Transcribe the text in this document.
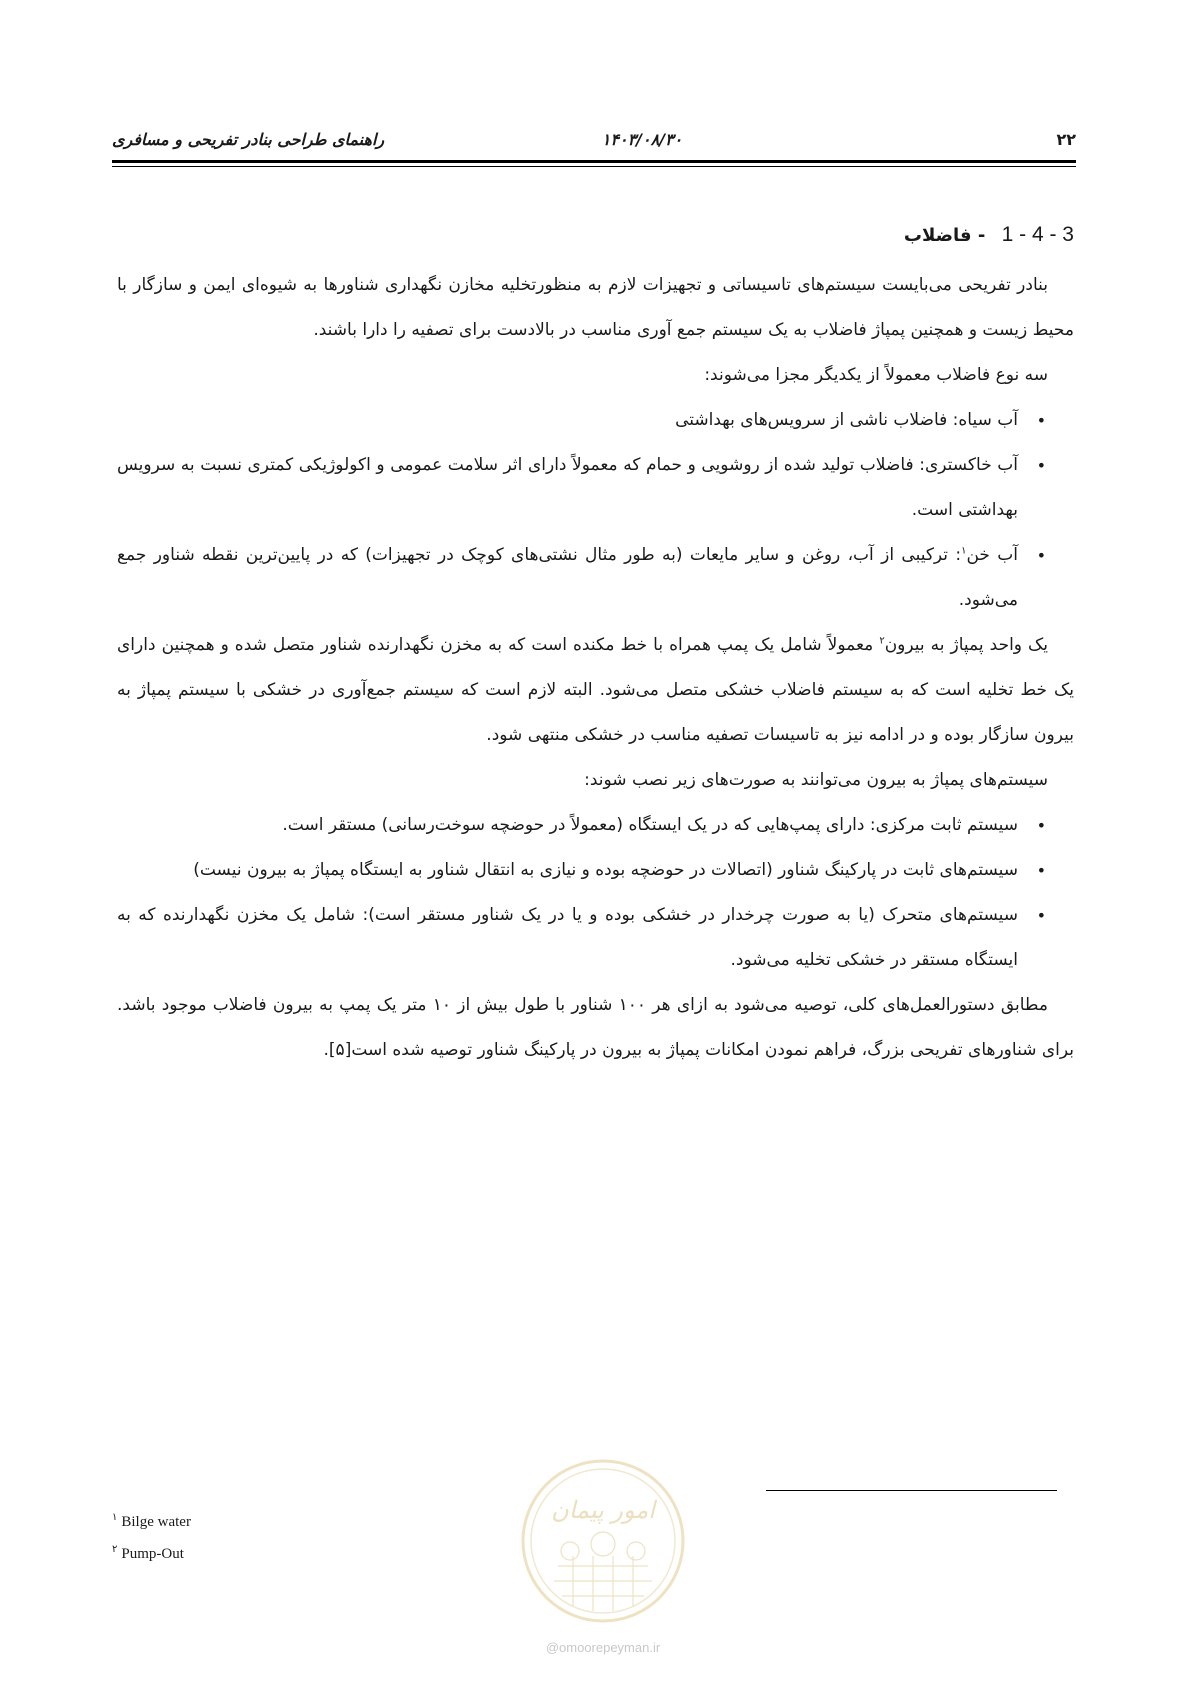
۲۲
۱۴۰۳/۰۸/۳۰
راهنمای طراحی بنادر تفریحی و مسافری
1 - 4 - 3 - فاضلاب

بنادر تفریحی می‌بایست سیستم‌های تاسیساتی و تجهیزات لازم به منظورتخلیه مخازن نگهداری شناورها به شیوه‌ای ایمن و سازگار با محیط زیست و همچنین پمپاژ فاضلاب به یک سیستم جمع آوری مناسب در بالادست برای تصفیه را دارا باشند.

سه نوع فاضلاب معمولاً از یکدیگر مجزا می‌شوند:

•
آب سیاه: فاضلاب ناشی از سرویس‌های بهداشتی
•
آب خاکستری: فاضلاب تولید شده از روشویی و حمام که معمولاً دارای اثر سلامت عمومی و اکولوژیکی کمتری نسبت به سرویس بهداشتی است.
•
آب خن$^۱$: ترکیبی از آب، روغن و سایر مایعات (به طور مثال نشتی‌های کوچک در تجهیزات) که در پایین‌ترین نقطه شناور جمع می‌شود.

یک واحد پمپاژ به بیرون$^۲$ معمولاً شامل یک پمپ همراه با خط مکنده است که به مخزن نگهدارنده شناور متصل شده و همچنین دارای یک خط تخلیه است که به سیستم فاضلاب خشکی متصل می‌شود. البته لازم است که سیستم جمع‌آوری در خشکی با سیستم پمپاژ به بیرون سازگار بوده و در ادامه نیز به تاسیسات تصفیه مناسب در خشکی منتهی شود.

سیستم‌های پمپاژ به بیرون می‌توانند به صورت‌های زیر نصب شوند:

•
سیستم ثابت مرکزی: دارای پمپ‌هایی که در یک ایستگاه (معمولاً در حوضچه سوخت‌رسانی) مستقر است.
•
سیستم‌های ثابت در پارکینگ شناور (اتصالات در حوضچه بوده و نیازی به انتقال شناور به ایستگاه پمپاژ به بیرون نیست)
•
سیستم‌های متحرک (یا به صورت چرخدار در خشکی بوده و یا در یک شناور مستقر است): شامل یک مخزن نگهدارنده که به ایستگاه مستقر در خشکی تخلیه می‌شود.

مطابق دستورالعمل‌های کلی، توصیه می‌شود به ازای هر ۱۰۰ شناور با طول بیش از ۱۰ متر یک پمپ به بیرون فاضلاب موجود باشد. برای شناورهای تفریحی بزرگ، فراهم نمودن امکانات پمپاژ به بیرون در پارکینگ شناور توصیه شده است[۵].

$^۱$ Bilge water
$^۲$ Pump-Out
امور پیمان
@omoorepeyman.ir
